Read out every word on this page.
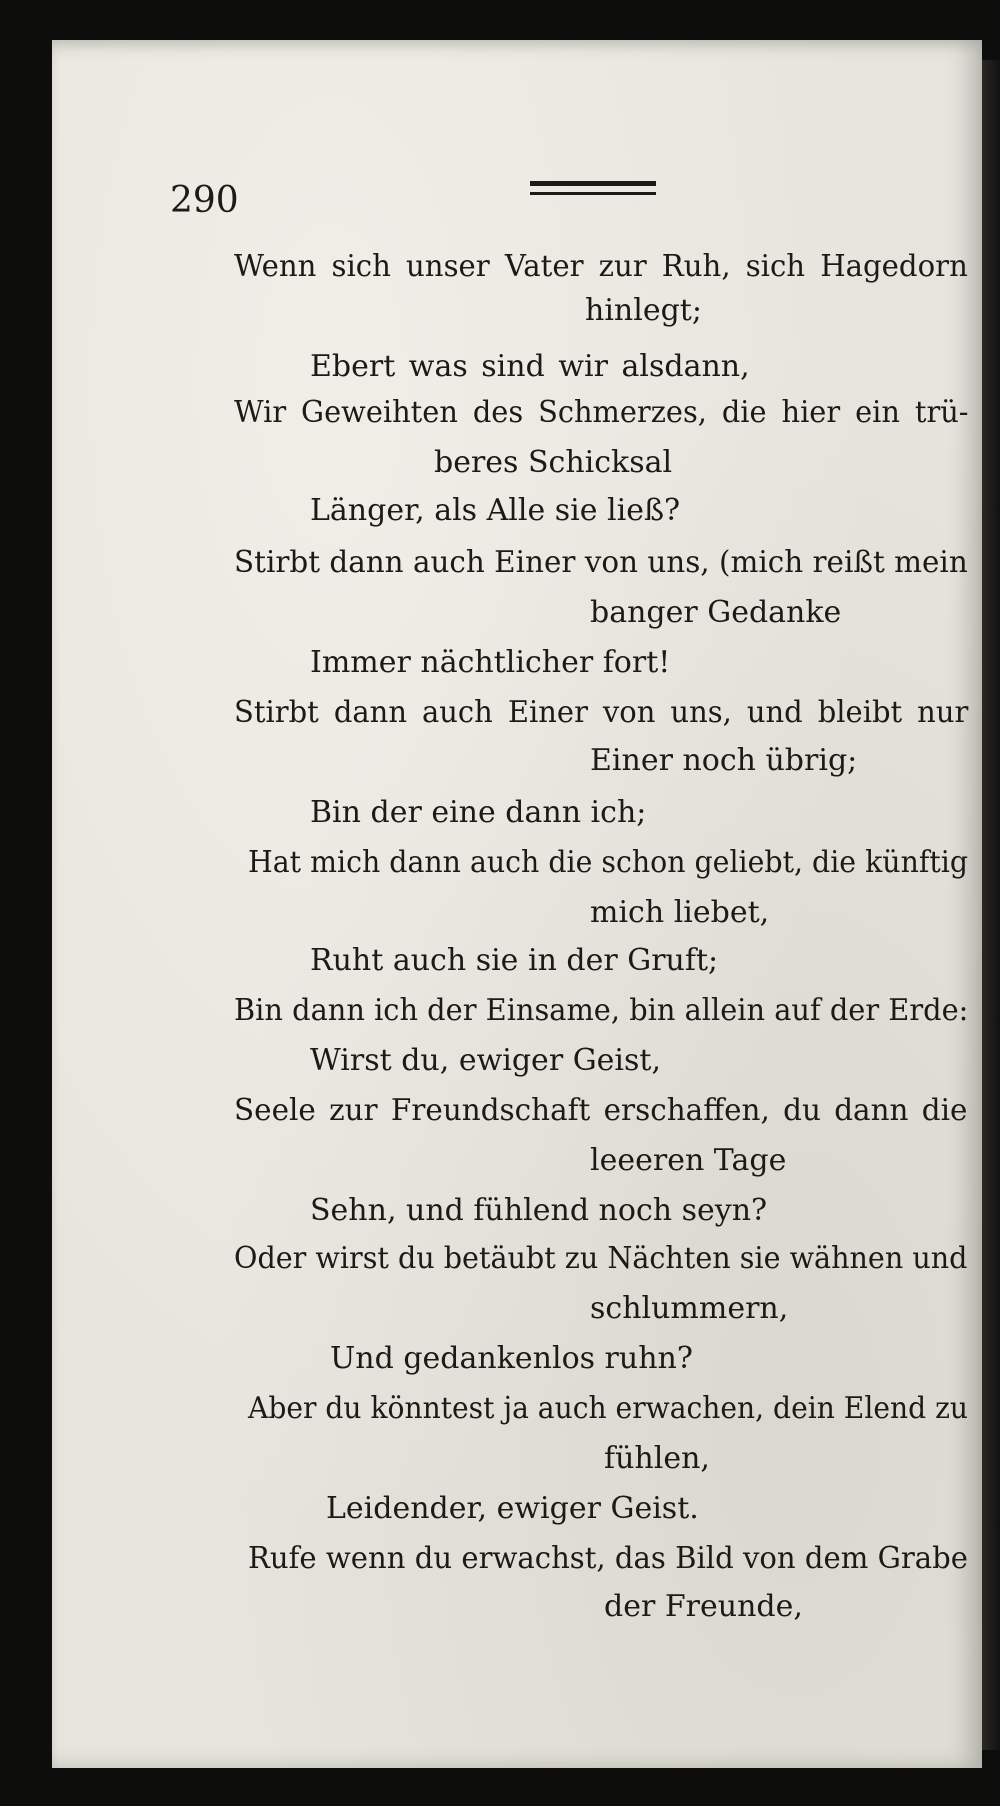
290
Wenn sich unser Vater zur Ruh, sich Hagedorn
hinlegt;
Ebert was sind wir alsdann,
Wir Geweihten des Schmerzes, die hier ein trü-
beres Schicksal
Länger, als Alle sie ließ?
Stirbt dann auch Einer von uns, (mich reißt mein
banger Gedanke
Immer nächtlicher fort!
Stirbt dann auch Einer von uns, und bleibt nur
Einer noch übrig;
Bin der eine dann ich;
Hat mich dann auch die schon geliebt, die künftig
mich liebet,
Ruht auch sie in der Gruft;
Bin dann ich der Einsame, bin allein auf der Erde:
Wirst du, ewiger Geist,
Seele zur Freundschaft erschaffen, du dann die
leeeren Tage
Sehn, und fühlend noch seyn?
Oder wirst du betäubt zu Nächten sie wähnen und
schlummern,
Und gedankenlos ruhn?
Aber du könntest ja auch erwachen, dein Elend zu
fühlen,
Leidender, ewiger Geist.
Rufe wenn du erwachst, das Bild von dem Grabe
der Freunde,
